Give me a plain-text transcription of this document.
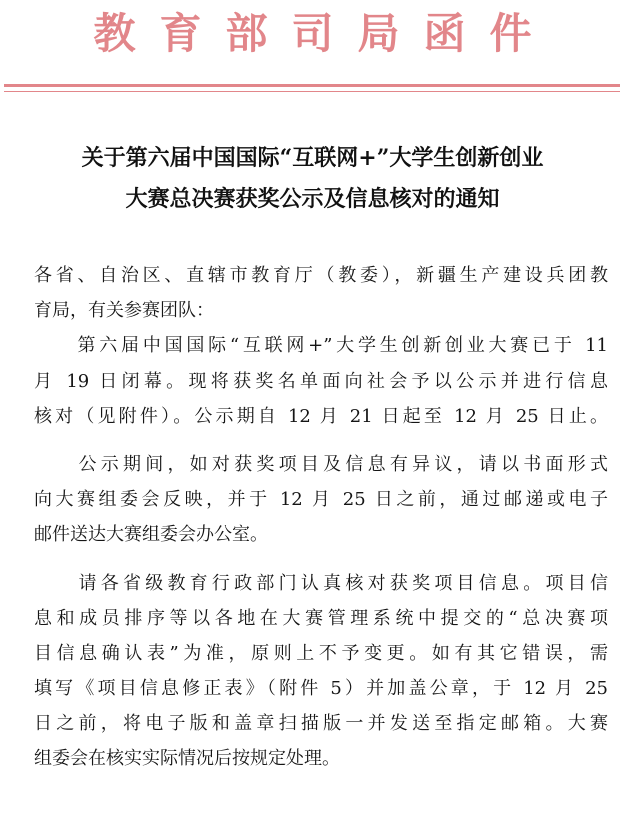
教育部司局函件
关于第六届中国国际“互联网+”大学生创新创业
大赛总决赛获奖公示及信息核对的通知
各省、自治区、直辖市教育厅（教委），新疆生产建设兵团教
育局，有关参赛团队：
　　第六届中国国际“互联网+”大学生创新创业大赛已于 11
月 19 日闭幕。现将获奖名单面向社会予以公示并进行信息
核对（见附件）。公示期自 12 月 21 日起至 12 月 25 日止。
　　公示期间，如对获奖项目及信息有异议，请以书面形式
向大赛组委会反映，并于 12 月 25 日之前，通过邮递或电子
邮件送达大赛组委会办公室。
　　请各省级教育行政部门认真核对获奖项目信息。项目信
息和成员排序等以各地在大赛管理系统中提交的“总决赛项
目信息确认表”为准，原则上不予变更。如有其它错误，需
填写《项目信息修正表》（附件 5）并加盖公章，于 12 月 25
日之前，将电子版和盖章扫描版一并发送至指定邮箱。大赛
组委会在核实实际情况后按规定处理。
